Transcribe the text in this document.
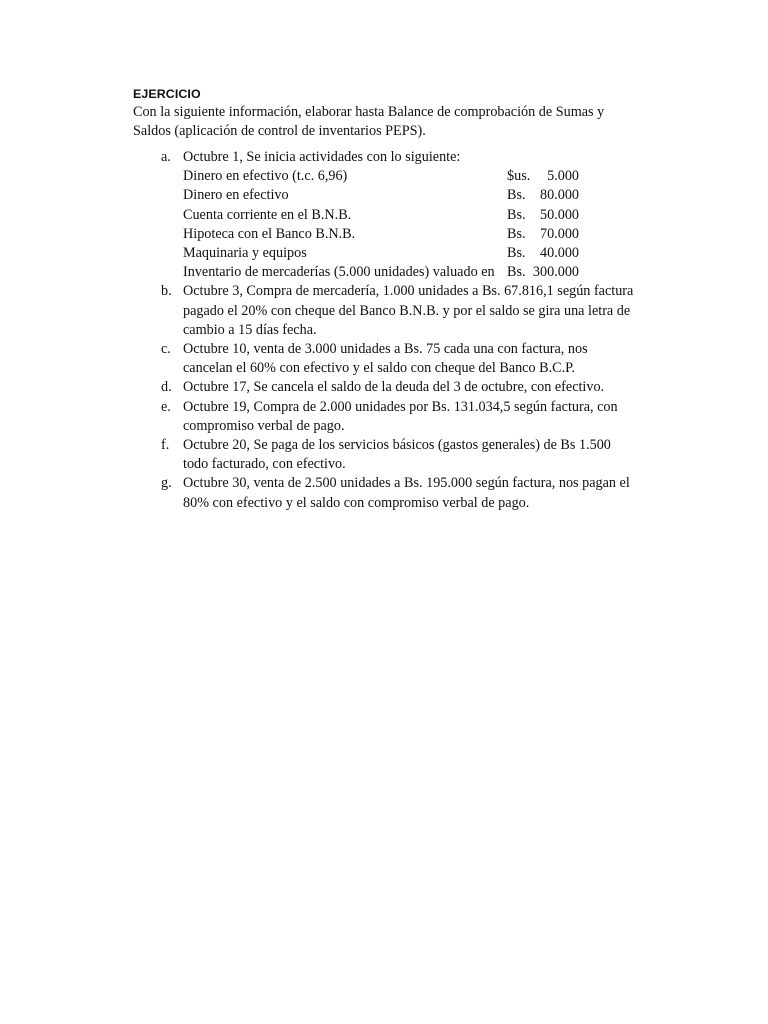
EJERCICIO
Con la siguiente información, elaborar hasta Balance de comprobación de Sumas y
Saldos (aplicación de control de inventarios PEPS).
a. Octubre 1, Se inicia actividades con lo siguiente:
Dinero en efectivo (t.c. 6,96)	$us. 5.000
Dinero en efectivo	Bs. 80.000
Cuenta corriente en el B.N.B.	Bs. 50.000
Hipoteca con el Banco B.N.B.	Bs. 70.000
Maquinaria y equipos	Bs. 40.000
Inventario de mercaderías (5.000 unidades) valuado en Bs. 300.000
b. Octubre 3, Compra de mercadería, 1.000 unidades a Bs. 67.816,1 según factura
pagado el 20% con cheque del Banco B.N.B. y por el saldo se gira una letra de
cambio a 15 días fecha.
c. Octubre 10, venta de 3.000 unidades a Bs. 75 cada una con factura, nos
cancelan el 60% con efectivo y el saldo con cheque del Banco B.C.P.
d. Octubre 17, Se cancela el saldo de la deuda del 3 de octubre, con efectivo.
e. Octubre 19, Compra de 2.000 unidades por Bs. 131.034,5 según factura, con
compromiso verbal de pago.
f. Octubre 20, Se paga de los servicios básicos (gastos generales) de Bs 1.500
todo facturado, con efectivo.
g. Octubre 30, venta de 2.500 unidades a Bs. 195.000 según factura, nos pagan el
80% con efectivo y el saldo con compromiso verbal de pago.
